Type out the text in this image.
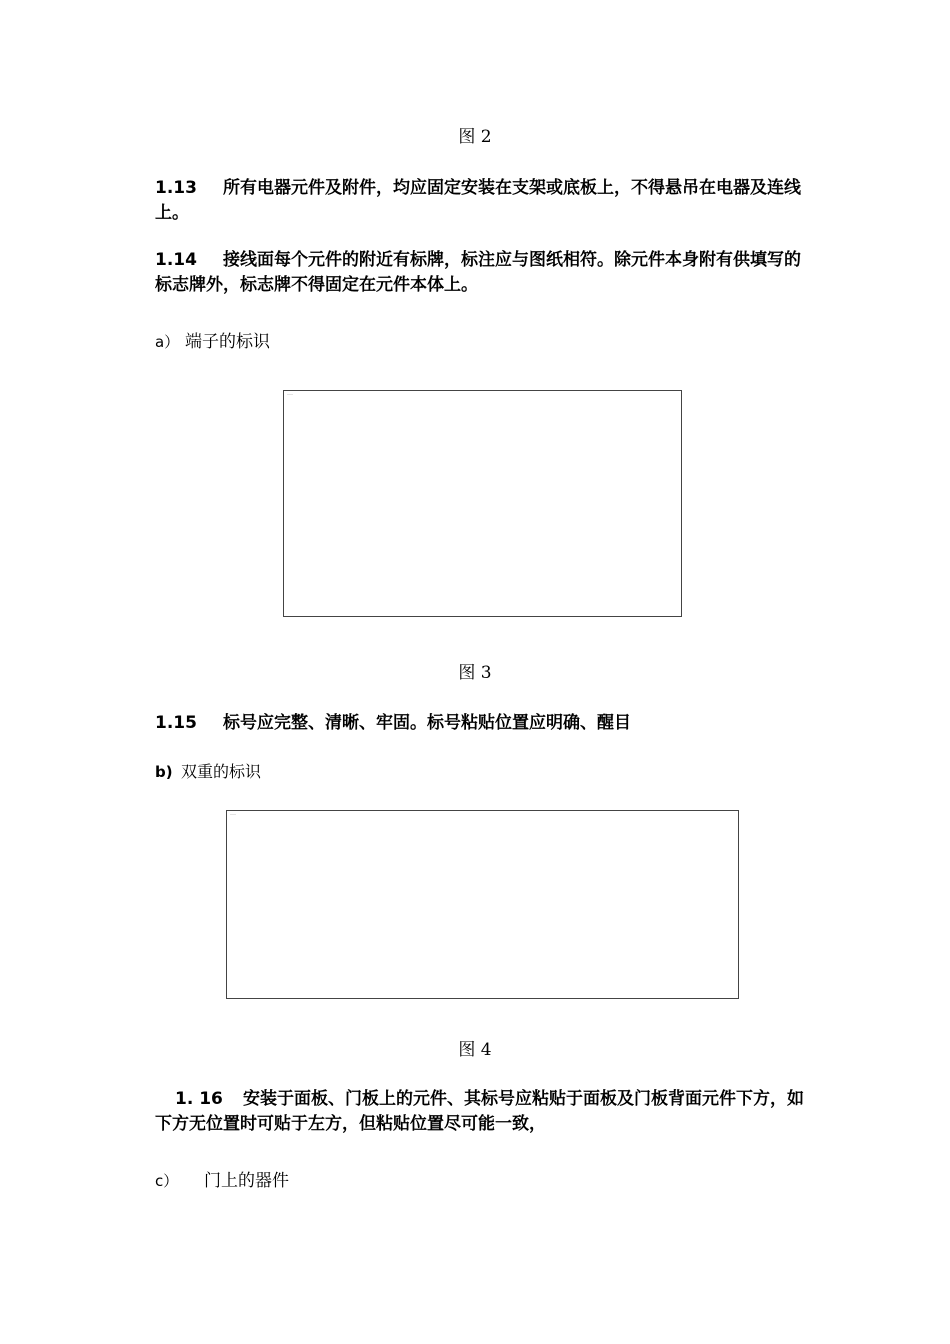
图 2
1.13 所有电器元件及附件，均应固定安装在支架或底板上，不得悬吊在电器及连线上。
1.14 接线面每个元件的附近有标牌，标注应与图纸相符。除元件本身附有供填写的标志牌外，标志牌不得固定在元件本体上。
a） 端子的标识
……
图 3
1.15 标号应完整、清晰、牢固。标号粘贴位置应明确、醒目
b) 双重的标识
……
图 4
1. 16 安装于面板、门板上的元件、其标号应粘贴于面板及门板背面元件下方，如下方无位置时可贴于左方，但粘贴位置尽可能一致，
c） 门上的器件
